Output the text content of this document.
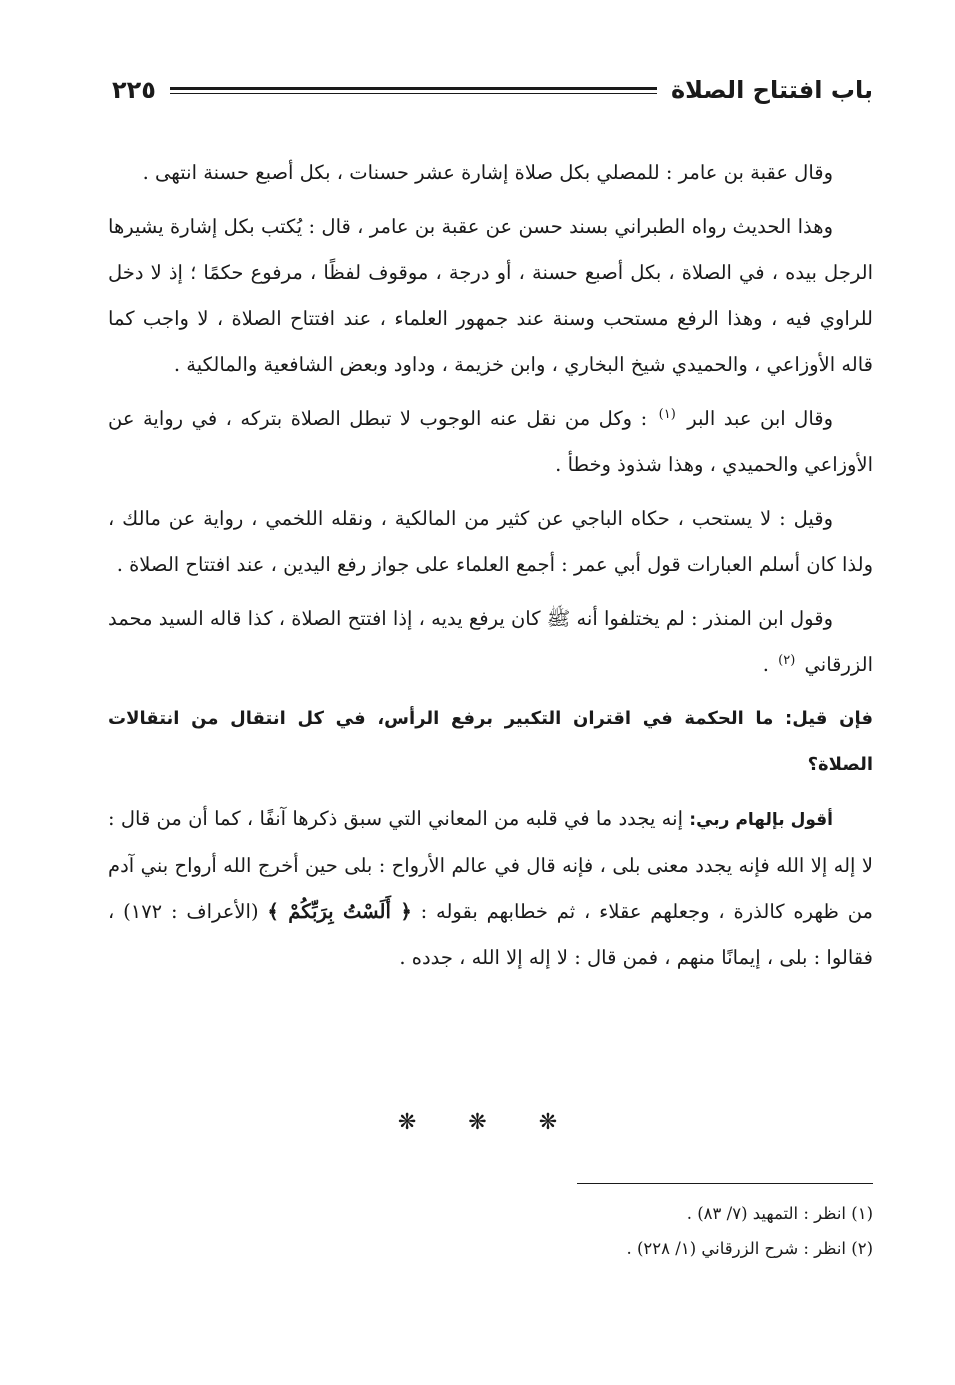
باب افتتاح الصلاة
٢٢٥

وقال عقبة بن عامر : للمصلي بكل صلاة إشارة عشر حسنات ، بكل أصبع حسنة انتهى .

وهذا الحديث رواه الطبراني بسند حسن عن عقبة بن عامر ، قال : يُكتب بكل إشارة يشيرها الرجل بيده ، في الصلاة ، بكل أصبع حسنة ، أو درجة ، موقوف لفظًا ، مرفوع حكمًا ؛ إذ لا دخل للراوي فيه ، وهذا الرفع مستحب وسنة عند جمهور العلماء ، عند افتتاح الصلاة ، لا واجب كما قاله الأوزاعي ، والحميدي شيخ البخاري ، وابن خزيمة ، وداود وبعض الشافعية والمالكية .

وقال ابن عبد البر $^{(١)}$ : وكل من نقل عنه الوجوب لا تبطل الصلاة بتركه ، في رواية عن الأوزاعي والحميدي ، وهذا شذوذ وخطأ .

وقيل : لا يستحب ، حكاه الباجي عن كثير من المالكية ، ونقله اللخمي ، رواية عن مالك ، ولذا كان أسلم العبارات قول أبي عمر : أجمع العلماء على جواز رفع اليدين ، عند افتتاح الصلاة .

وقول ابن المنذر : لم يختلفوا أنه ﷺ كان يرفع يديه ، إذا افتتح الصلاة ، كذا قاله السيد محمد الزرقاني $^{(٢)}$ .

فإن قيل: ما الحكمة في اقتران التكبير برفع الرأس، في كل انتقال من انتقالات الصلاة؟

أقول بإلهام ربي: إنه يجدد ما في قلبه من المعاني التي سبق ذكرها آنفًا ، كما أن من قال : لا إله إلا الله فإنه يجدد معنى بلى ، فإنه قال في عالم الأرواح : بلى حين أخرج الله أرواح بني آدم من ظهره كالذرة ، وجعلهم عقلاء ، ثم خطابهم بقوله : ﴿ أَلَسْتُ بِرَبِّكُمْ ﴾ (الأعراف : ١٧٢) ، فقالوا : بلى ، إيمانًا منهم ، فمن قال : لا إله إلا الله ، جدده .

❋ ❋ ❋

(١) انظر : التمهيد (٧/ ٨٣) .

(٢) انظر : شرح الزرقاني (١/ ٢٢٨) .
